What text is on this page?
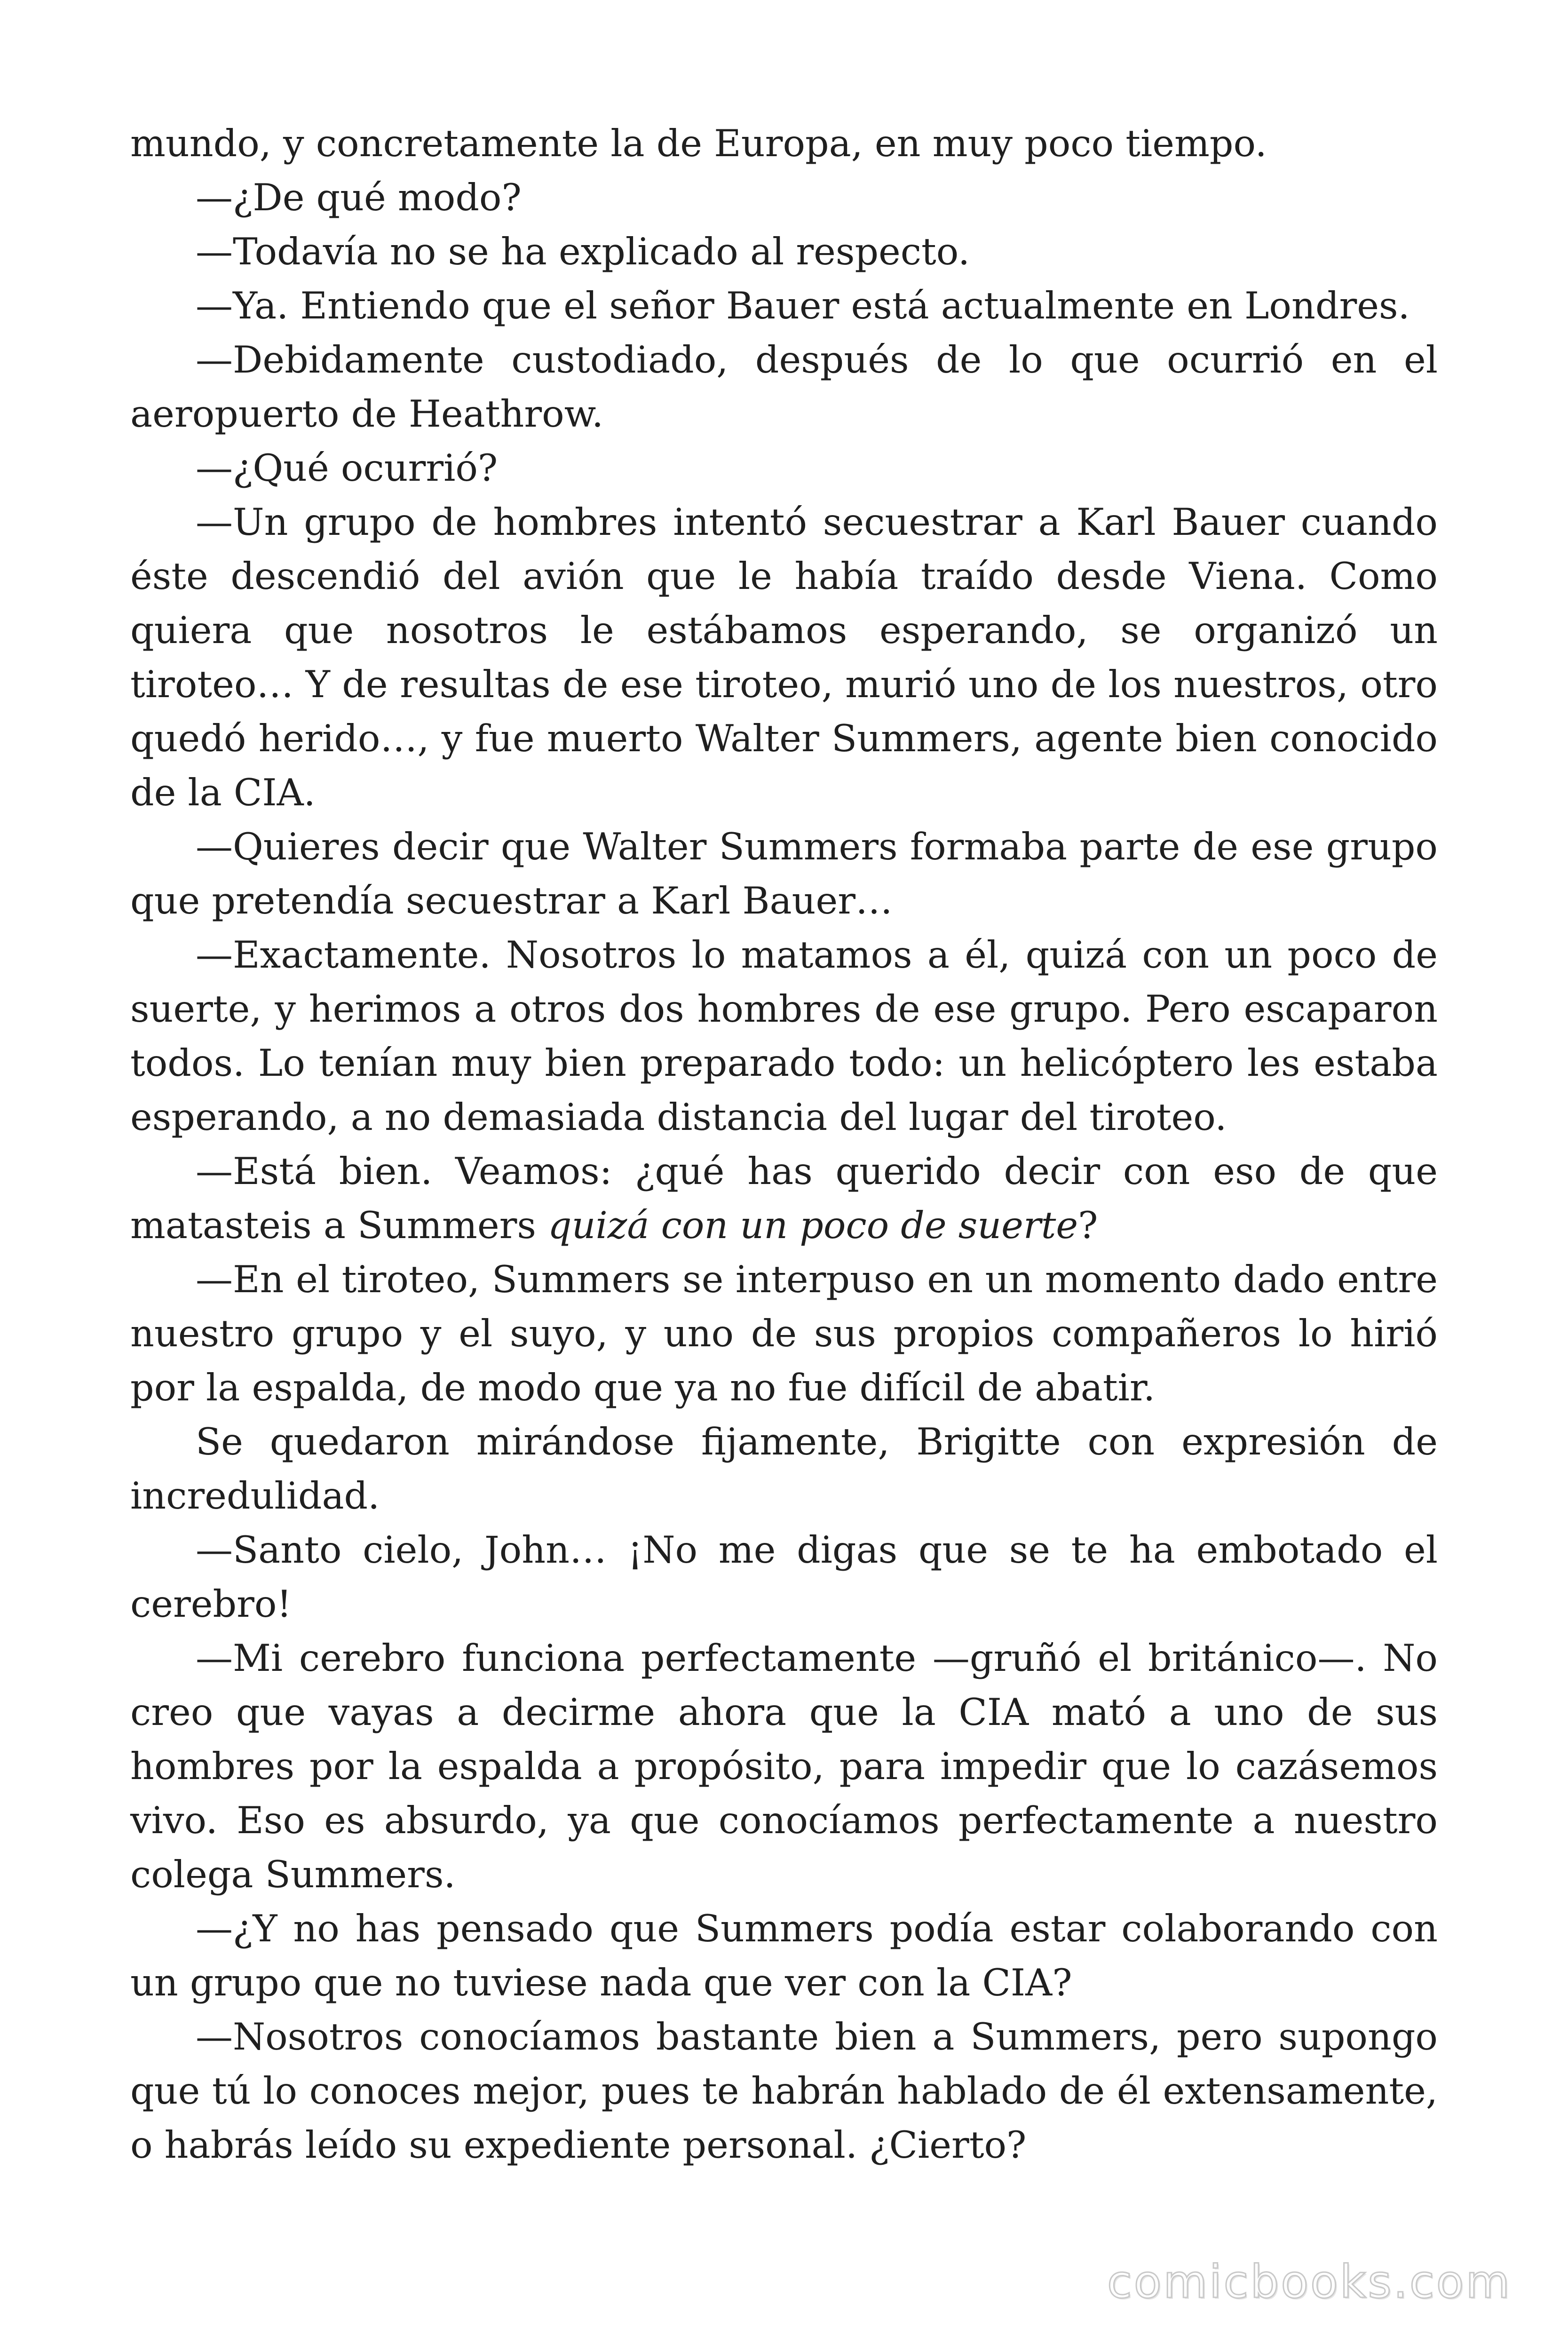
mundo, y concretamente la de Europa, en muy poco tiempo.

—¿De qué modo?

—Todavía no se ha explicado al respecto.

—Ya. Entiendo que el señor Bauer está actualmente en Londres.

—Debidamente custodiado, después de lo que ocurrió en el aeropuerto de Heathrow.

—¿Qué ocurrió?

—Un grupo de hombres intentó secuestrar a Karl Bauer cuando éste descendió del avión que le había traído desde Viena. Como quiera que nosotros le estábamos esperando, se organizó un tiroteo… Y de resultas de ese tiroteo, murió uno de los nuestros, otro quedó herido…, y fue muerto Walter Summers, agente bien conocido de la CIA.

—Quieres decir que Walter Summers formaba parte de ese grupo que pretendía secuestrar a Karl Bauer…

—Exactamente. Nosotros lo matamos a él, quizá con un poco de suerte, y herimos a otros dos hombres de ese grupo. Pero escaparon todos. Lo tenían muy bien preparado todo: un helicóptero les estaba esperando, a no demasiada distancia del lugar del tiroteo.

—Está bien. Veamos: ¿qué has querido decir con eso de que matasteis a Summers quizá con un poco de suerte?

—En el tiroteo, Summers se interpuso en un momento dado entre nuestro grupo y el suyo, y uno de sus propios compañeros lo hirió por la espalda, de modo que ya no fue difícil de abatir.

Se quedaron mirándose fijamente, Brigitte con expresión de incredulidad.

—Santo cielo, John… ¡No me digas que se te ha embotado el cerebro!

—Mi cerebro funciona perfectamente —gruñó el británico—. No creo que vayas a decirme ahora que la CIA mató a uno de sus hombres por la espalda a propósito, para impedir que lo cazásemos vivo. Eso es absurdo, ya que conocíamos perfectamente a nuestro colega Summers.

—¿Y no has pensado que Summers podía estar colaborando con un grupo que no tuviese nada que ver con la CIA?

—Nosotros conocíamos bastante bien a Summers, pero supongo que tú lo conoces mejor, pues te habrán hablado de él extensamente, o habrás leído su expediente personal. ¿Cierto?

comicbooks.com
